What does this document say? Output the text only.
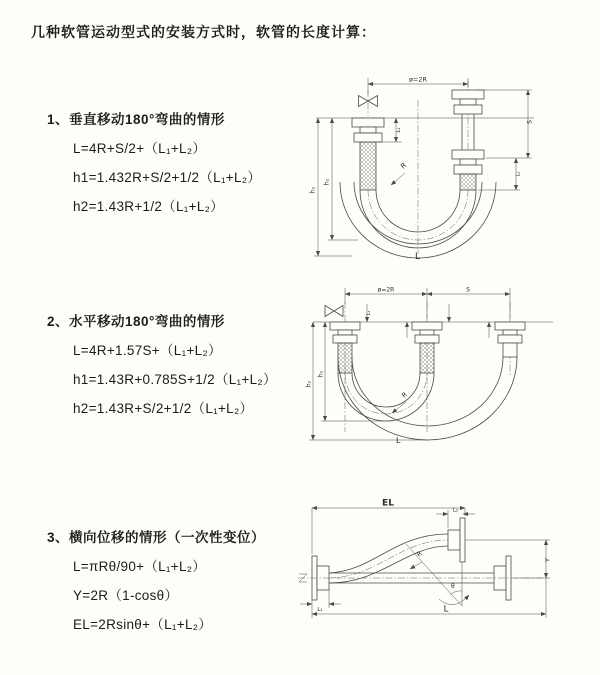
几种软管运动型式的安装方式时，软管的长度计算：

1、垂直移动180°弯曲的情形

L=4R+S/2+（L₁+L₂）

h1=1.432R+S/2+1/2（L₁+L₂）

h2=1.43R+1/2（L₁+L₂）

2、水平移动180°弯曲的情形

L=4R+1.57S+（L₁+L₂）

h1=1.43R+0.785S+1/2（L₁+L₂）

h2=1.43R+S/2+1/2（L₁+L₂）

3、横向位移的情形（一次性变位）

L=πRθ/90+（L₁+L₂）

Y=2R（1-cosθ）

EL=2Rsinθ+（L₁+L₂）

ø=2R
h₂
h₁
L₁
S
L₂
R
L
ø=2R	S
h₂
h₁
L₁
R
L
EL
L₂
Y
θ
R
L
L₁
